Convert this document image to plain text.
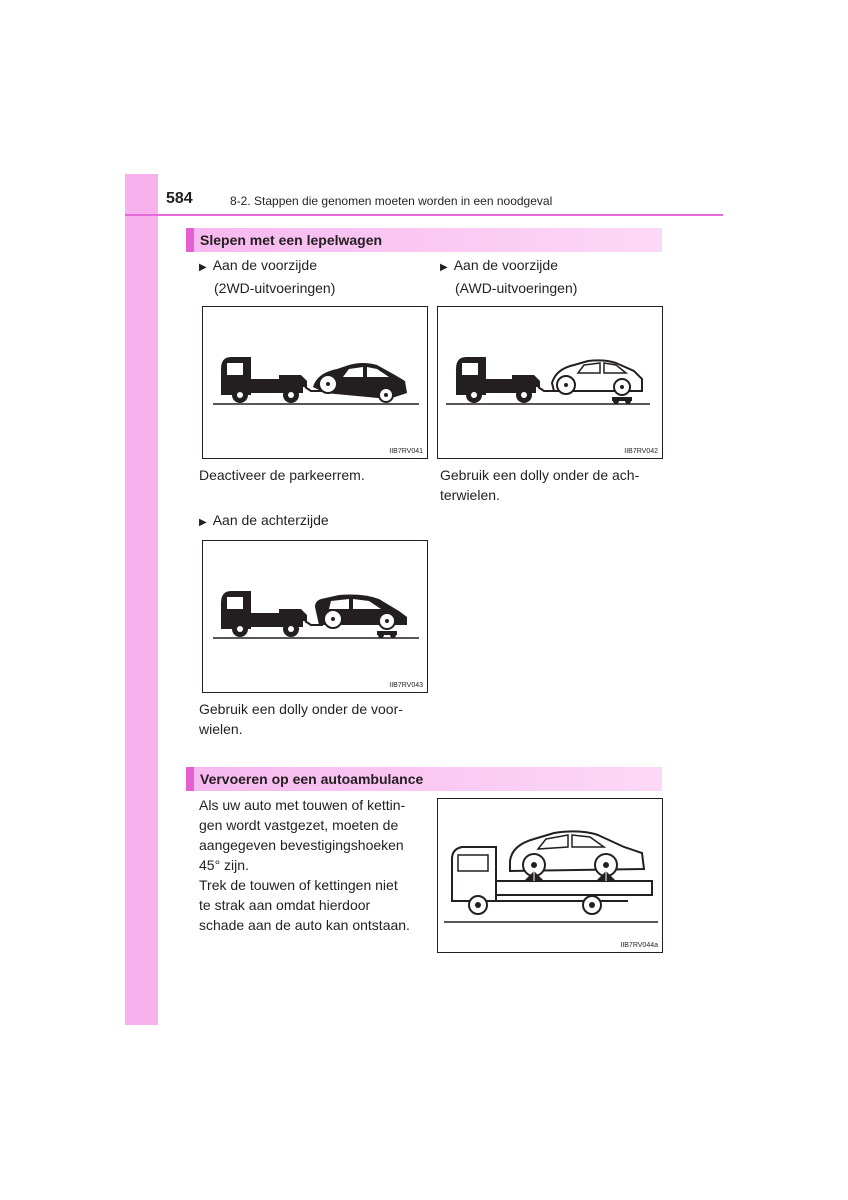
584	8-2. Stappen die genomen moeten worden in een noodgeval
Slepen met een lepelwagen
▶ Aan de voorzijde
(2WD-uitvoeringen)
▶ Aan de voorzijde
(AWD-uitvoeringen)
IIB7RV041	IIB7RV042
Deactiveer de parkeerrem.	Gebruik een dolly onder de ach-
terwielen.
▶ Aan de achterzijde
IIB7RV043
Gebruik een dolly onder de voor-
wielen.
Vervoeren op een autoambulance
Als uw auto met touwen of kettin-
gen wordt vastgezet, moeten de
aangegeven bevestigingshoeken
45° zijn.
Trek de touwen of kettingen niet
te strak aan omdat hierdoor
schade aan de auto kan ontstaan.
IIB7RV044a
